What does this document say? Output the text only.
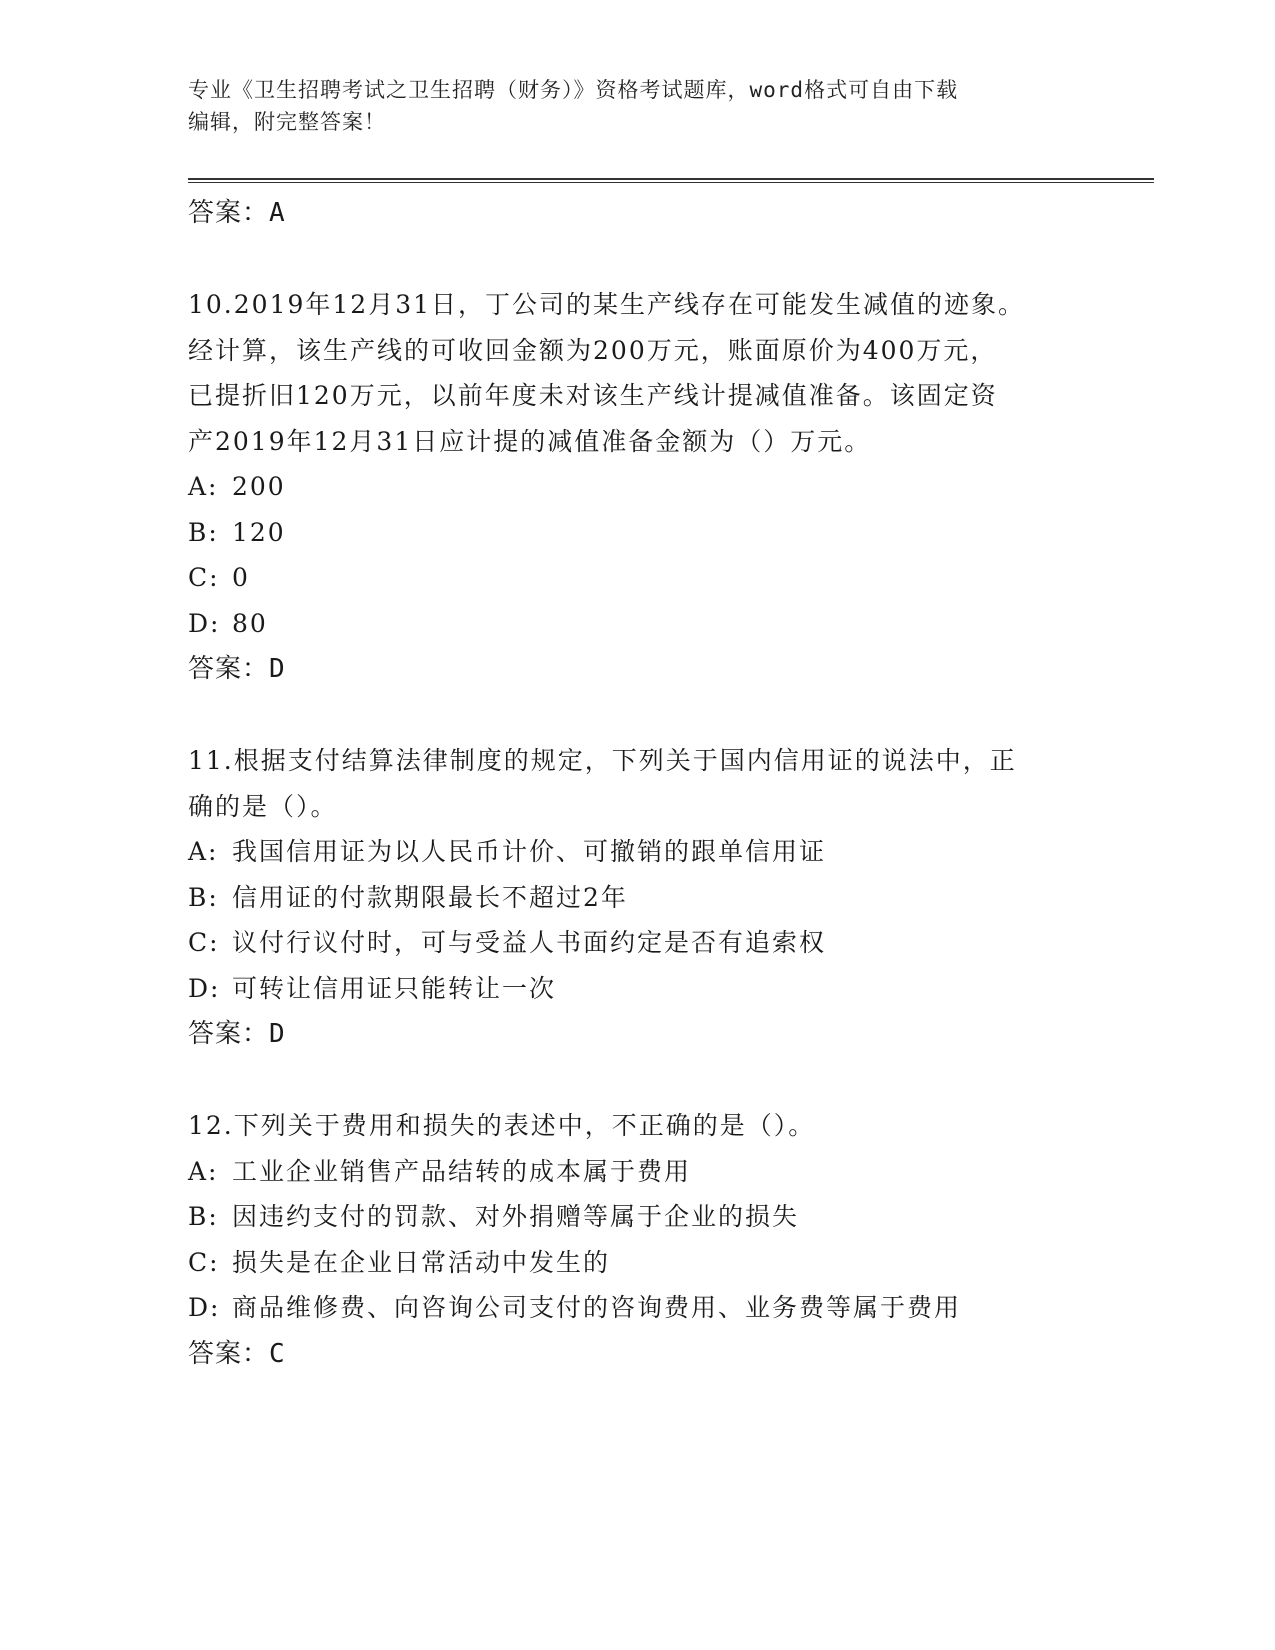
专业《卫生招聘考试之卫生招聘（财务）》资格考试题库，word格式可自由下载
编辑，附完整答案！
答案：A
10.2019年12月31日，丁公司的某生产线存在可能发生减值的迹象。
经计算，该生产线的可收回金额为200万元，账面原价为400万元，
已提折旧120万元，以前年度未对该生产线计提减值准备。该固定资
产2019年12月31日应计提的减值准备金额为（）万元。
A: 200
B: 120
C: 0
D: 80
答案：D
11.根据支付结算法律制度的规定，下列关于国内信用证的说法中，正
确的是（）。
A: 我国信用证为以人民币计价、可撤销的跟单信用证
B: 信用证的付款期限最长不超过2年
C: 议付行议付时，可与受益人书面约定是否有追索权
D: 可转让信用证只能转让一次
答案：D
12.下列关于费用和损失的表述中，不正确的是（）。
A: 工业企业销售产品结转的成本属于费用
B: 因违约支付的罚款、对外捐赠等属于企业的损失
C: 损失是在企业日常活动中发生的
D: 商品维修费、向咨询公司支付的咨询费用、业务费等属于费用
答案：C
